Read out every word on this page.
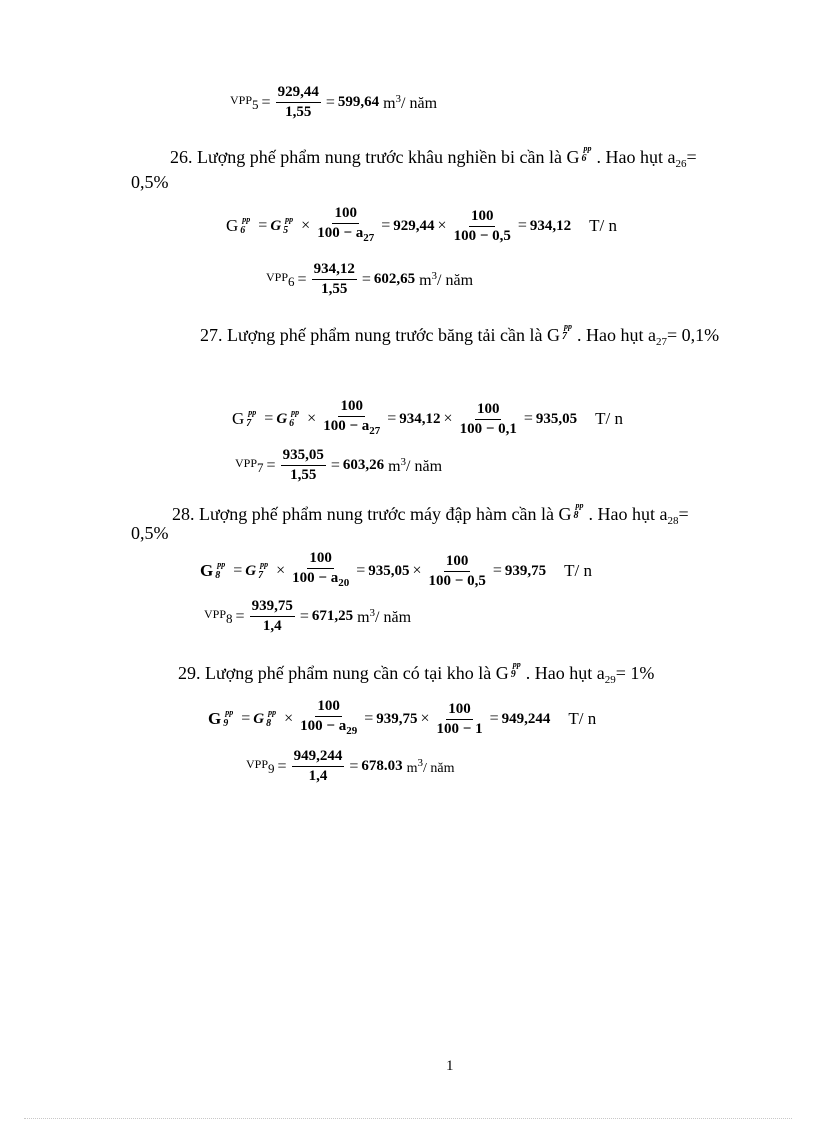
$VPP5 = \frac{929,44}{1,55} = 599,64$ $m^3/$ năm
26. Lượng phế phẩm nung trước khâu nghiền bi cần là G pp
6 . Hao hụt $a_{26}=$
0,5%
G pp
6 = G pp
$5 \times \frac{100}{100 - a_{27}} = 929,44 \times \frac{100}{100 - 0,5} = 934,12$ T/ n
$VPP6 = \frac{934,12}{1,55} = 602,65$ $m^3/$ năm
27. Lượng phế phẩm nung trước băng tải cần là G pp
7 . Hao hụt $a_{27}= 0,1\%$
G pp
7 = G pp
$6 \times \frac{100}{100 - a_{27}} = 934,12 \times \frac{100}{100 - 0,1} = 935,05$ T/ n
$VPP7 = \frac{935,05}{1,55} = 603,26$ $m^3/$ năm
28. Lượng phế phẩm nung trước máy đập hàm cần là G pp
8 . Hao hụt $a_{28}=$
0,5%
G pp
8 = G pp
$7 \times \frac{100}{100 - a_{20}} = 935,05 \times \frac{100}{100 - 0,5} = 939,75$ T/ n
$VPP8 = \frac{939,75}{1,4} = 671,25$ $m^3/$ năm
29. Lượng phế phẩm nung cần có tại kho là G pp
9 . Hao hụt $a_{29}= 1\%$
G pp
9 = G pp
$8 \times \frac{100}{100 - a_{29}} = 939,75 \times \frac{100}{100 - 1} = 949,244$ T/ n
$VPP9 = \frac{949,244}{1,4} = 678.03$ $m^3/$ năm
1
